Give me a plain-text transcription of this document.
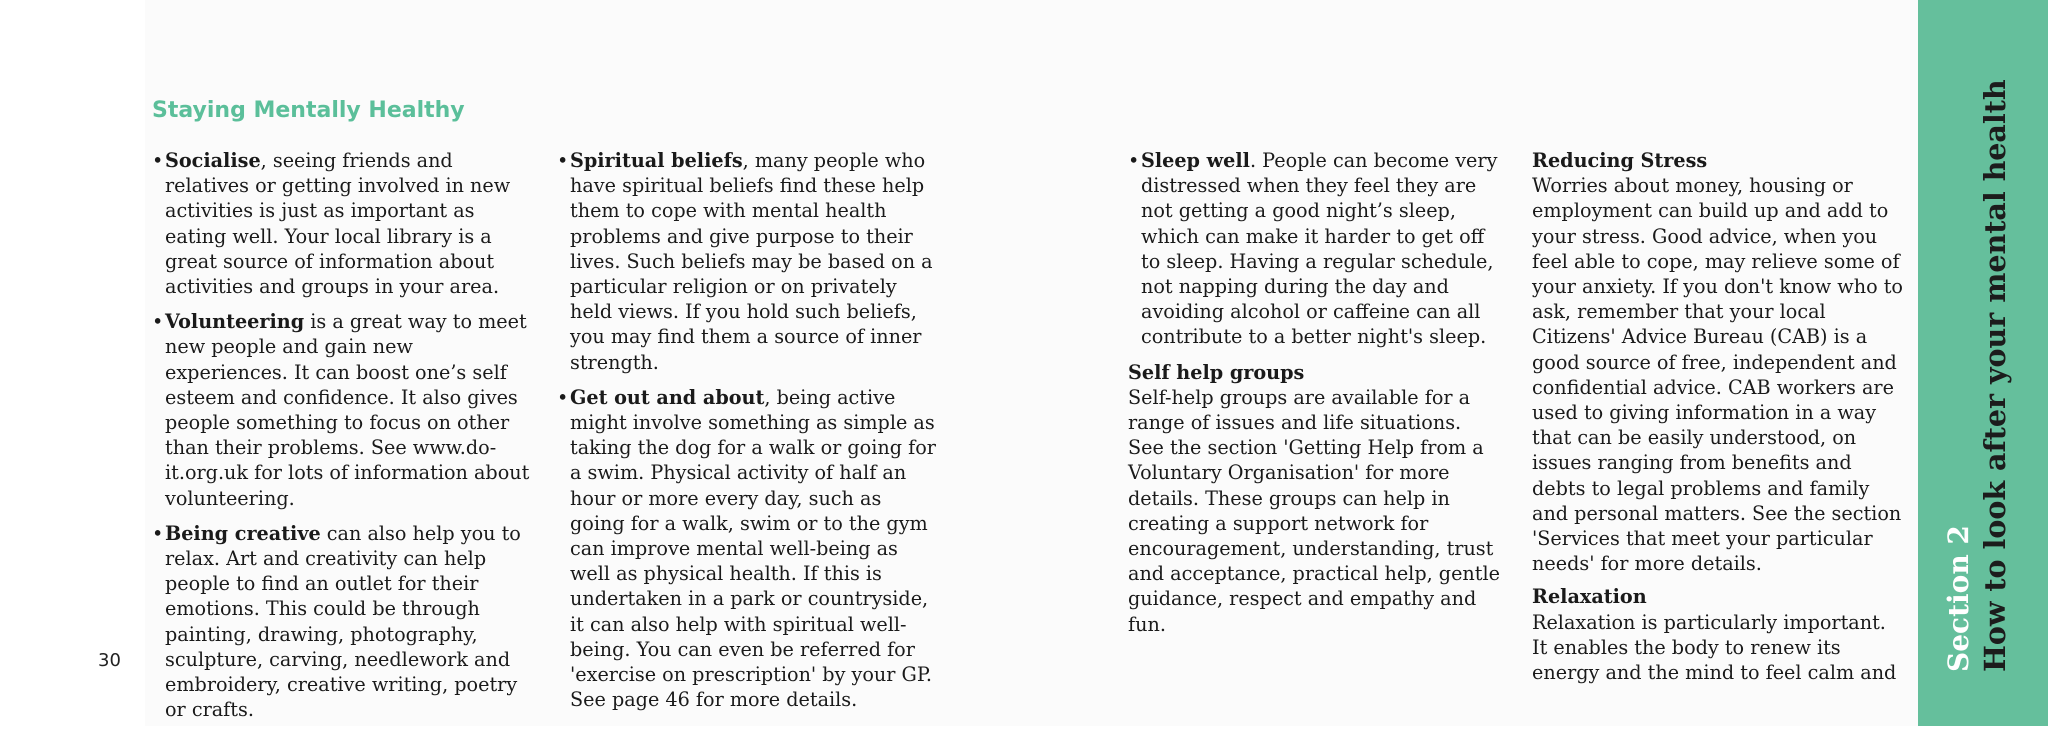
Staying Mentally Healthy

• Socialise, seeing friends and relatives or getting involved in new activities is just as important as eating well. Your local library is a great source of information about activities and groups in your area.

• Volunteering is a great way to meet new people and gain new experiences. It can boost one’s self esteem and confidence. It also gives people something to focus on other than their problems. See www.do-it.org.uk for lots of information about volunteering.

• Being creative can also help you to relax. Art and creativity can help people to find an outlet for their emotions. This could be through painting, drawing, photography, sculpture, carving, needlework and embroidery, creative writing, poetry or crafts.

• Spiritual beliefs, many people who have spiritual beliefs find these help them to cope with mental health problems and give purpose to their lives. Such beliefs may be based on a particular religion or on privately held views. If you hold such beliefs, you may find them a source of inner strength.

• Get out and about, being active might involve something as simple as taking the dog for a walk or going for a swim. Physical activity of half an hour or more every day, such as going for a walk, swim or to the gym can improve mental well-being as well as physical health. If this is undertaken in a park or countryside, it can also help with spiritual well-being. You can even be referred for 'exercise on prescription' by your GP. See page 46 for more details.

• Sleep well. People can become very distressed when they feel they are not getting a good night’s sleep, which can make it harder to get off to sleep. Having a regular schedule, not napping during the day and avoiding alcohol or caffeine can all contribute to a better night's sleep.

Self help groups

Self-help groups are available for a range of issues and life situations.

See the section 'Getting Help from a Voluntary Organisation' for more details. These groups can help in creating a support network for encouragement, understanding, trust and acceptance, practical help, gentle guidance, respect and empathy and fun.

Reducing Stress

Worries about money, housing or employment can build up and add to your stress. Good advice, when you feel able to cope, may relieve some of your anxiety. If you don't know who to ask, remember that your local Citizens' Advice Bureau (CAB) is a good source of free, independent and confidential advice. CAB workers are used to giving information in a way that can be easily understood, on issues ranging from benefits and debts to legal problems and family and personal matters. See the section 'Services that meet your particular needs' for more details.

Relaxation

Relaxation is particularly important. It enables the body to renew its energy and the mind to feel calm and

30	Section 2 How to look after your mental health
